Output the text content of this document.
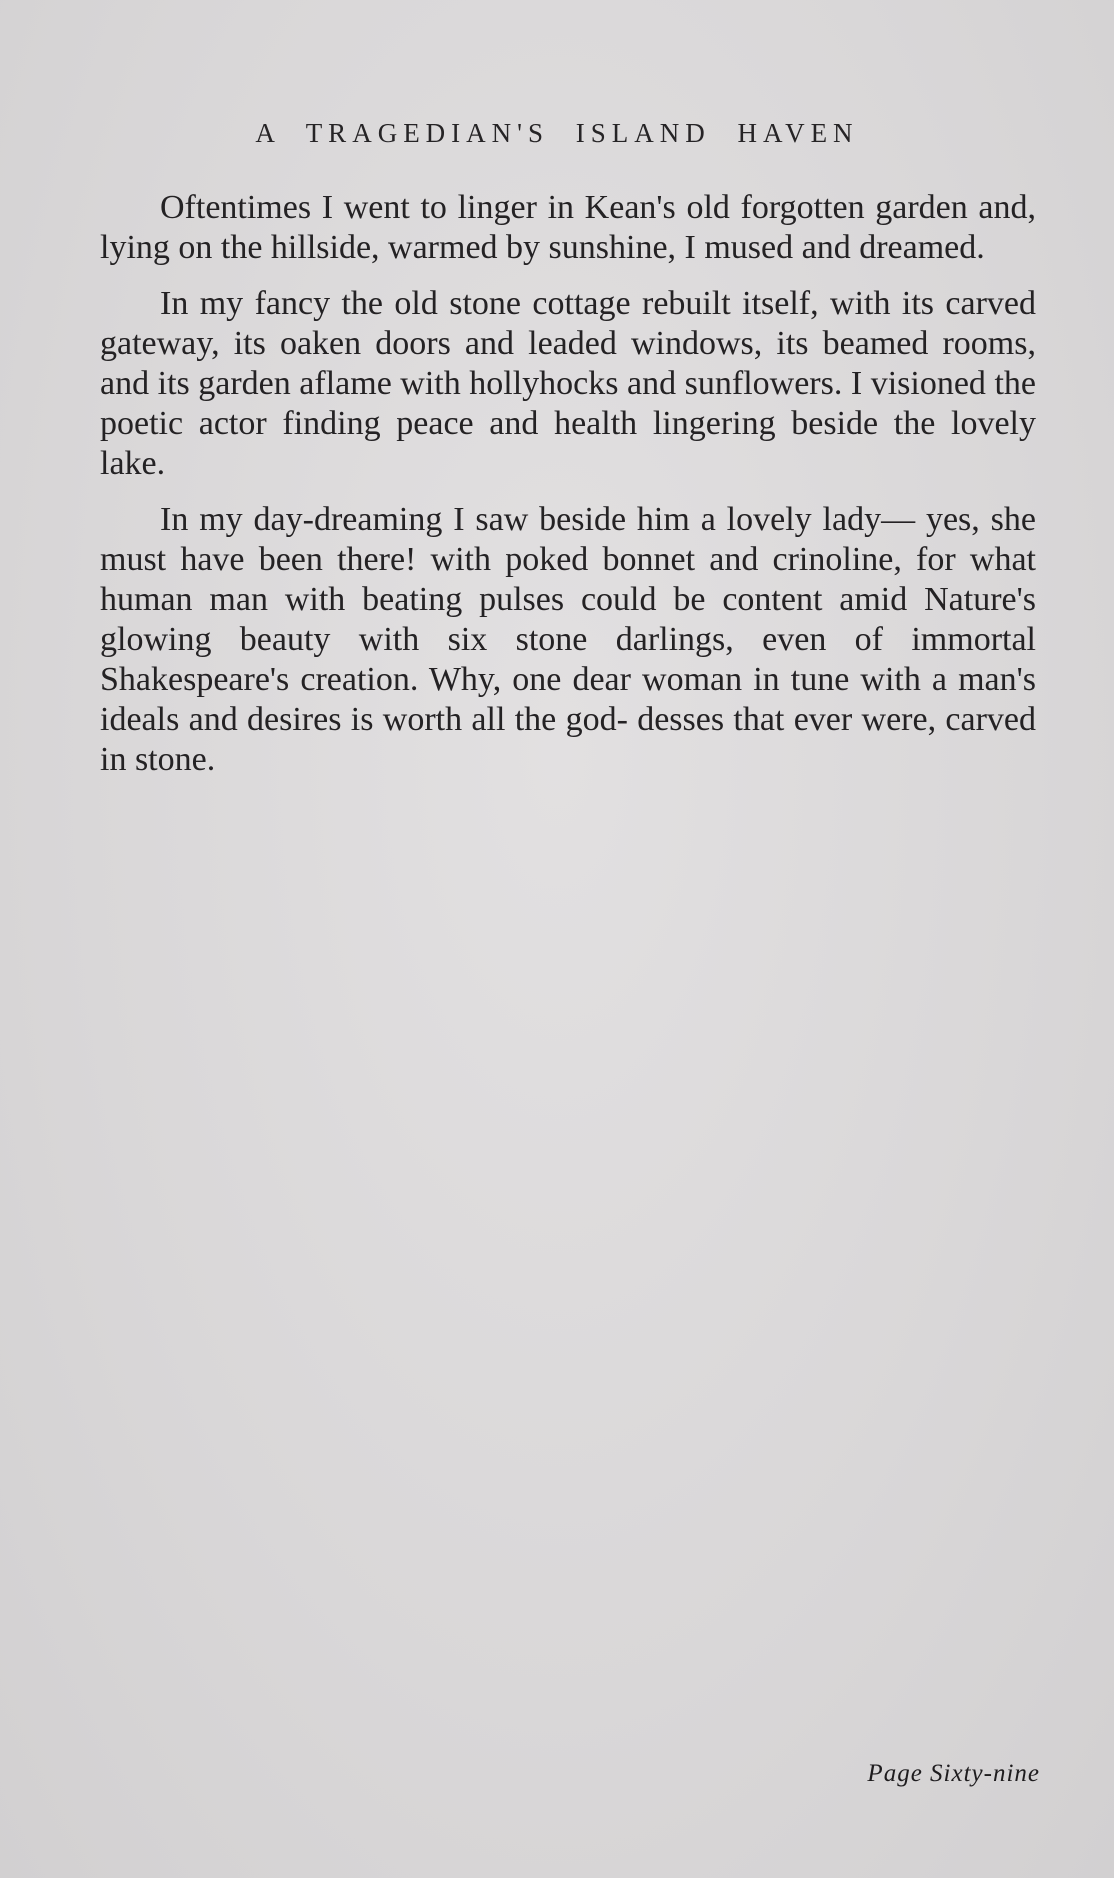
A TRAGEDIAN'S ISLAND HAVEN

Oftentimes I went to linger in Kean's old forgotten garden and, lying on the hillside, warmed by sunshine, I mused and dreamed.

In my fancy the old stone cottage rebuilt itself, with its carved gateway, its oaken doors and leaded windows, its beamed rooms, and its garden aflame with hollyhocks and sunflowers. I visioned the poetic actor finding peace and health lingering beside the lovely lake.

In my day-dreaming I saw beside him a lovely lady— yes, she must have been there! with poked bonnet and crinoline, for what human man with beating pulses could be content amid Nature's glowing beauty with six stone darlings, even of immortal Shakespeare's creation. Why, one dear woman in tune with a man's ideals and desires is worth all the god- desses that ever were, carved in stone.

Page Sixty-nine
